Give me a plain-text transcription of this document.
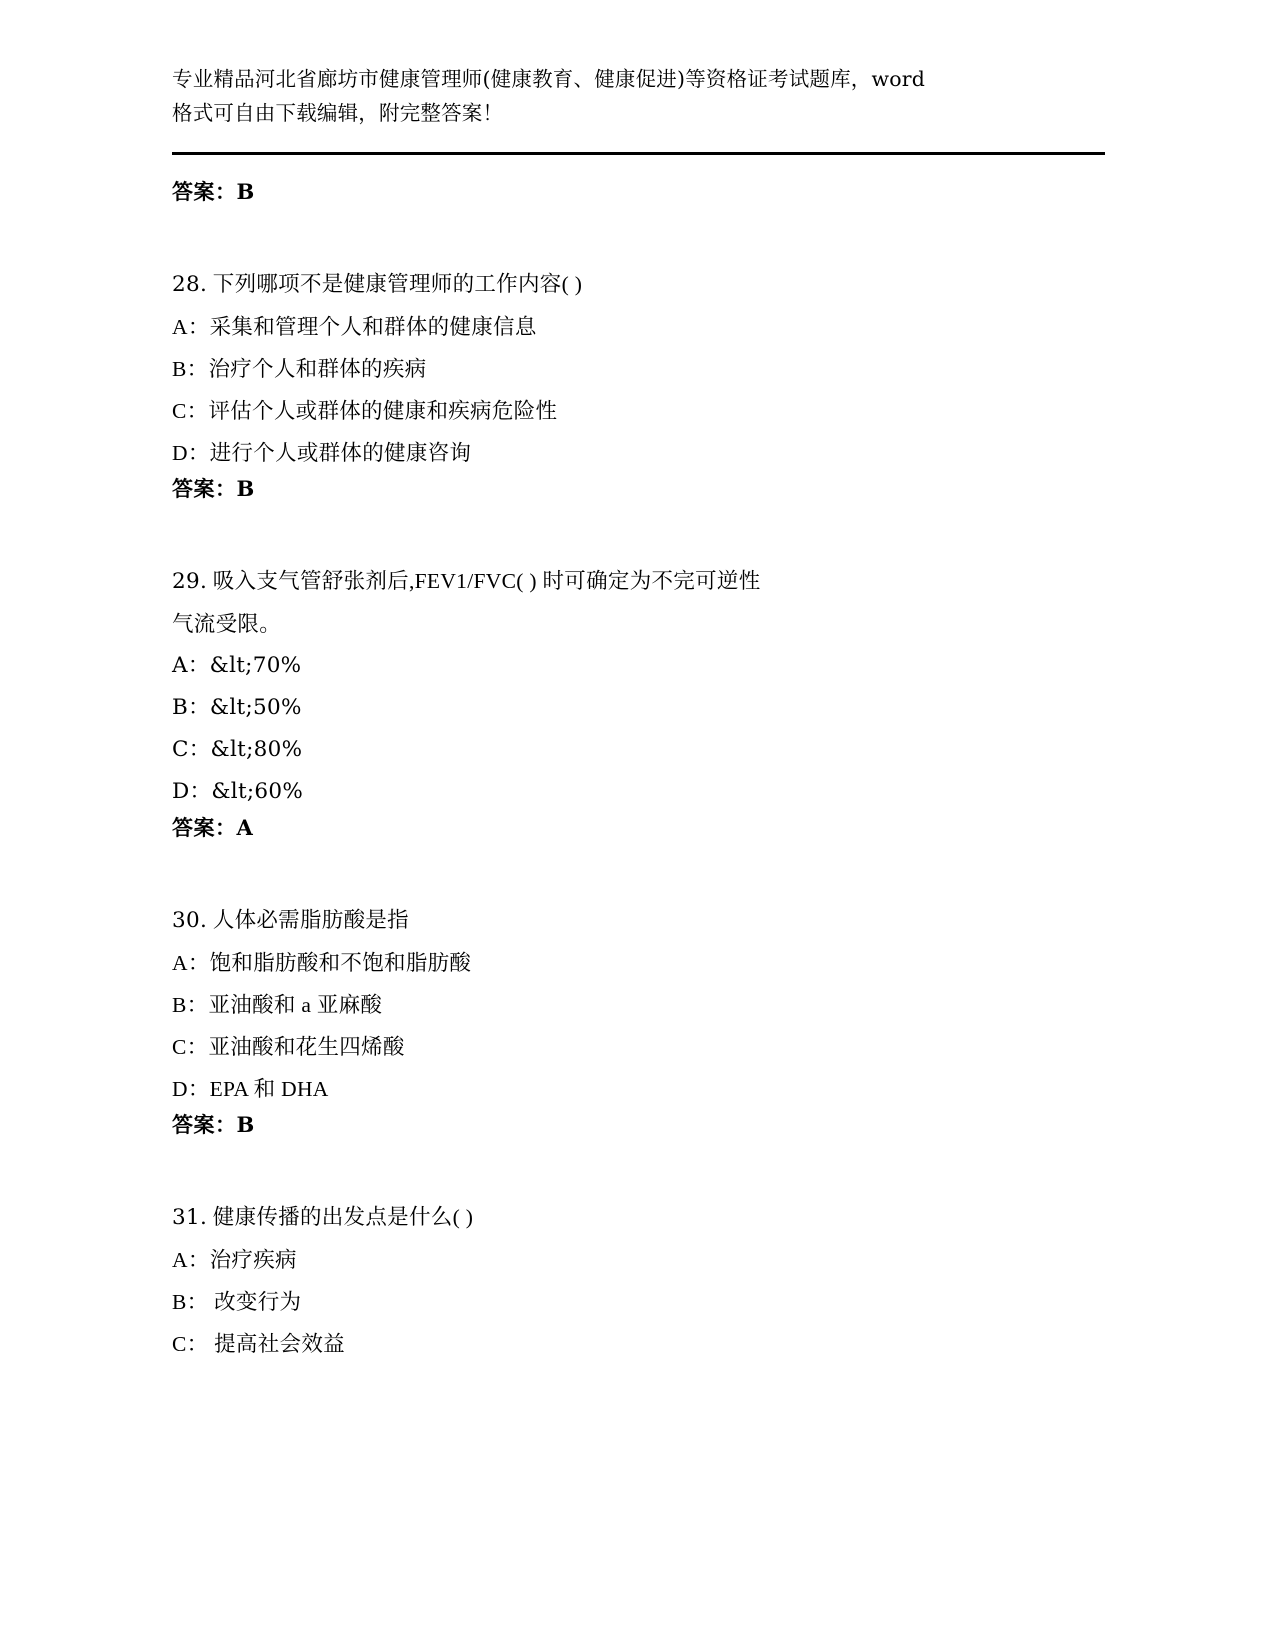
专业精品河北省廊坊市健康管理师(健康教育、健康促进)等资格证考试题库，word
格式可自由下载编辑，附完整答案！

答案：B

28. 下列哪项不是健康管理师的工作内容( )

A：采集和管理个人和群体的健康信息

B：治疗个人和群体的疾病

C：评估个人或群体的健康和疾病危险性

D：进行个人或群体的健康咨询

答案：B

29. 吸入支气管舒张剂后,FEV1/FVC( ) 时可确定为不完可逆性

气流受限。

A：&lt;70%

B：&lt;50%

C：&lt;80%

D：&lt;60%

答案：A

30. 人体必需脂肪酸是指

A：饱和脂肪酸和不饱和脂肪酸

B：亚油酸和 a 亚麻酸

C：亚油酸和花生四烯酸

D：EPA 和 DHA

答案：B

31. 健康传播的出发点是什么( )

A：治疗疾病

B： 改变行为

C： 提高社会效益
